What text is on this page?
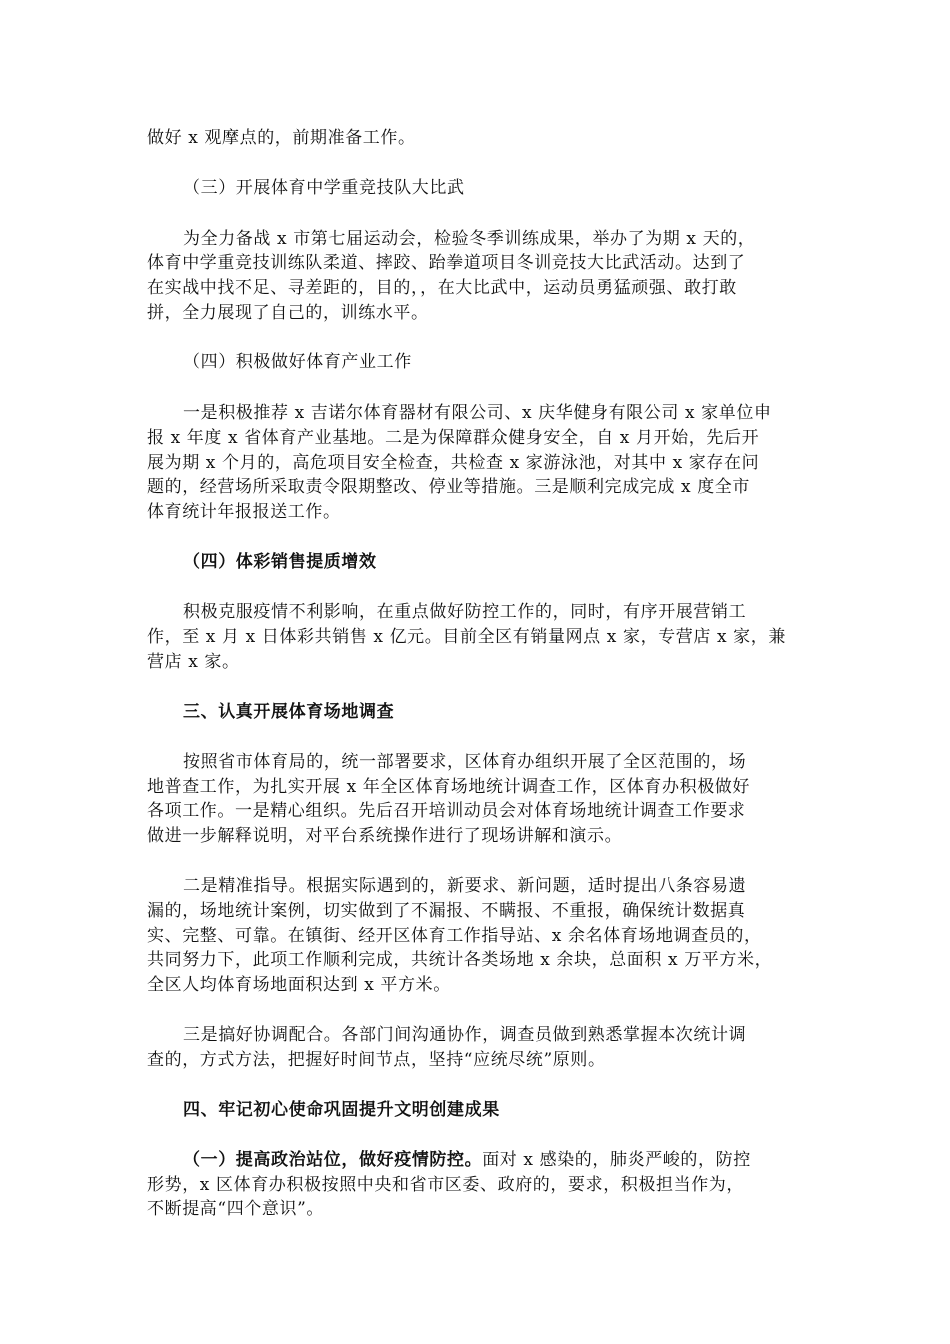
做好 x 观摩点的，前期准备工作。
（三）开展体育中学重竞技队大比武
为全力备战 x 市第七届运动会，检验冬季训练成果，举办了为期 x 天的，
体育中学重竞技训练队柔道、摔跤、跆拳道项目冬训竞技大比武活动。达到了
在实战中找不足、寻差距的，目的，，在大比武中，运动员勇猛顽强、敢打敢
拼，全力展现了自己的，训练水平。
（四）积极做好体育产业工作
一是积极推荐 x 吉诺尔体育器材有限公司、x 庆华健身有限公司 x 家单位申
报 x 年度 x 省体育产业基地。二是为保障群众健身安全，自 x 月开始，先后开
展为期 x 个月的，高危项目安全检查，共检查 x 家游泳池，对其中 x 家存在问
题的，经营场所采取责令限期整改、停业等措施。三是顺利完成完成 x 度全市
体育统计年报报送工作。
（四）体彩销售提质增效
积极克服疫情不利影响，在重点做好防控工作的，同时，有序开展营销工
作，至 x 月 x 日体彩共销售 x 亿元。目前全区有销量网点 x 家，专营店 x 家，兼
营店 x 家。
三、认真开展体育场地调查
按照省市体育局的，统一部署要求，区体育办组织开展了全区范围的，场
地普查工作，为扎实开展 x 年全区体育场地统计调查工作，区体育办积极做好
各项工作。一是精心组织。先后召开培训动员会对体育场地统计调查工作要求
做进一步解释说明，对平台系统操作进行了现场讲解和演示。
二是精准指导。根据实际遇到的，新要求、新问题，适时提出八条容易遗
漏的，场地统计案例，切实做到了不漏报、不瞒报、不重报，确保统计数据真
实、完整、可靠。在镇街、经开区体育工作指导站、x 余名体育场地调查员的，
共同努力下，此项工作顺利完成，共统计各类场地 x 余块，总面积 x 万平方米，
全区人均体育场地面积达到 x 平方米。
三是搞好协调配合。各部门间沟通协作，调查员做到熟悉掌握本次统计调
查的，方式方法，把握好时间节点，坚持“应统尽统”原则。
四、牢记初心使命巩固提升文明创建成果
（一）提高政治站位，做好疫情防控。面对 x 感染的，肺炎严峻的，防控
形势，x 区体育办积极按照中央和省市区委、政府的，要求，积极担当作为，
不断提高“四个意识”。
